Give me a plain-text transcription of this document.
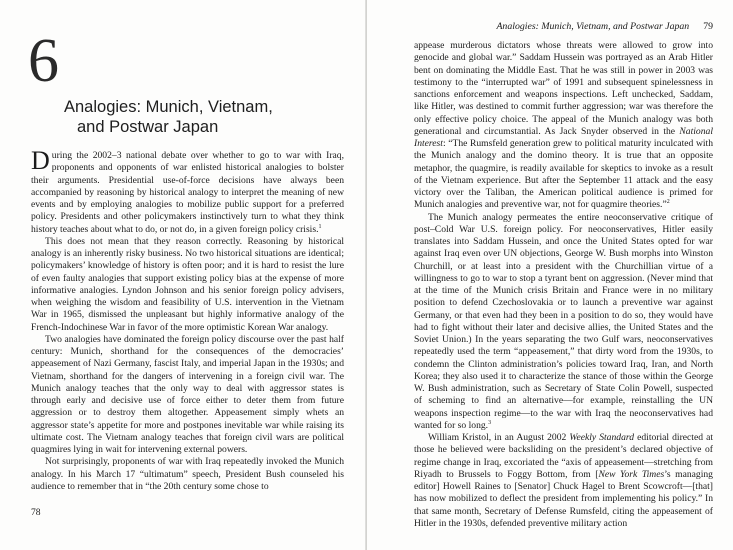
6
Analogies: Munich, Vietnam,
and Postwar Japan

During the 2002–3 national debate over whether to go to war with Iraq, proponents and opponents of war enlisted historical analogies to bolster their arguments. Presidential use-of-force decisions have always been accompanied by reasoning by historical analogy to interpret the meaning of new events and by employing analogies to mobilize public support for a preferred policy. Presidents and other policymakers instinctively turn to what they think history teaches about what to do, or not do, in a given foreign policy crisis.$^1$

This does not mean that they reason correctly. Reasoning by historical analogy is an inherently risky business. No two historical situations are identical; policymakers’ knowledge of history is often poor; and it is hard to resist the lure of even faulty analogies that support existing policy bias at the expense of more informative analogies. Lyndon Johnson and his senior foreign policy advisers, when weighing the wisdom and feasibility of U.S. intervention in the Vietnam War in 1965, dismissed the unpleasant but highly informative analogy of the French-Indochinese War in favor of the more optimistic Korean War analogy.

Two analogies have dominated the foreign policy discourse over the past half century: Munich, shorthand for the consequences of the democracies’ appeasement of Nazi Germany, fascist Italy, and imperial Japan in the 1930s; and Vietnam, shorthand for the dangers of intervening in a foreign civil war. The Munich analogy teaches that the only way to deal with aggressor states is through early and decisive use of force either to deter them from future aggression or to destroy them altogether. Appeasement simply whets an aggressor state’s appetite for more and postpones inevitable war while raising its ultimate cost. The Vietnam analogy teaches that foreign civil wars are political quagmires lying in wait for intervening external powers.

Not surprisingly, proponents of war with Iraq repeatedly invoked the Munich analogy. In his March 17 “ultimatum” speech, President Bush counseled his audience to remember that in “the 20th century some chose to

78
Analogies: Munich, Vietnam, and Postwar Japan 79

appease murderous dictators whose threats were allowed to grow into genocide and global war.” Saddam Hussein was portrayed as an Arab Hitler bent on dominating the Middle East. That he was still in power in 2003 was testimony to the “interrupted war” of 1991 and subsequent spinelessness in sanctions enforcement and weapons inspections. Left unchecked, Saddam, like Hitler, was destined to commit further aggression; war was therefore the only effective policy choice. The appeal of the Munich analogy was both generational and circumstantial. As Jack Snyder observed in the National Interest: “The Rumsfeld generation grew to political maturity inculcated with the Munich analogy and the domino theory. It is true that an opposite metaphor, the quagmire, is readily available for skeptics to invoke as a result of the Vietnam experience. But after the September 11 attack and the easy victory over the Taliban, the American political audience is primed for Munich analogies and preventive war, not for quagmire theories.”$^2$

The Munich analogy permeates the entire neoconservative critique of post–Cold War U.S. foreign policy. For neoconservatives, Hitler easily translates into Saddam Hussein, and once the United States opted for war against Iraq even over UN objections, George W. Bush morphs into Winston Churchill, or at least into a president with the Churchillian virtue of a willingness to go to war to stop a tyrant bent on aggression. (Never mind that at the time of the Munich crisis Britain and France were in no military position to defend Czechoslovakia or to launch a preventive war against Germany, or that even had they been in a position to do so, they would have had to fight without their later and decisive allies, the United States and the Soviet Union.) In the years separating the two Gulf wars, neoconservatives repeatedly used the term “appeasement,” that dirty word from the 1930s, to condemn the Clinton administration’s policies toward Iraq, Iran, and North Korea; they also used it to characterize the stance of those within the George W. Bush administration, such as Secretary of State Colin Powell, suspected of scheming to find an alternative—for example, reinstalling the UN weapons inspection regime—to the war with Iraq the neoconservatives had wanted for so long.$^3$

William Kristol, in an August 2002 Weekly Standard editorial directed at those he believed were backsliding on the president’s declared objective of regime change in Iraq, excoriated the “axis of appeasement—stretching from Riyadh to Brussels to Foggy Bottom, from [New York Times’s managing editor] Howell Raines to [Senator] Chuck Hagel to Brent Scowcroft—[that] has now mobilized to deflect the president from implementing his policy.” In that same month, Secretary of Defense Rumsfeld, citing the appeasement of Hitler in the 1930s, defended preventive military action
